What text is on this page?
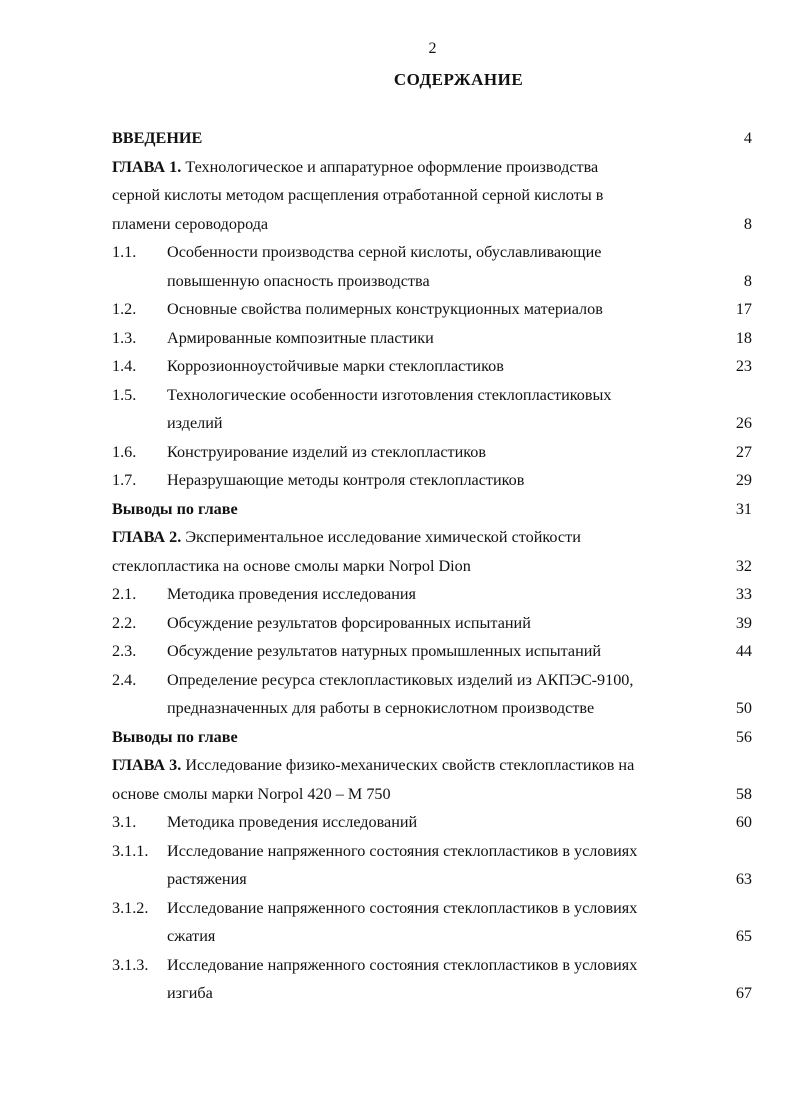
2
СОДЕРЖАНИЕ
ВВЕДЕНИЕ	4
ГЛАВА 1. Технологическое и аппаратурное оформление производства
серной кислоты методом расщепления отработанной серной кислоты в
пламени сероводорода	8
1.1. Особенности производства серной кислоты, обуславливающие
повышенную опасность производства	8
1.2. Основные свойства полимерных конструкционных материалов	17
1.3. Армированные композитные пластики	18
1.4. Коррозионноустойчивые марки стеклопластиков	23
1.5. Технологические особенности изготовления стеклопластиковых
изделий	26
1.6. Конструирование изделий из стеклопластиков	27
1.7. Неразрушающие методы контроля стеклопластиков	29
Выводы по главе	31
ГЛАВА 2. Экспериментальное исследование химической стойкости
стеклопластика на основе смолы марки Norpol Dion	32
2.1. Методика проведения исследования	33
2.2. Обсуждение результатов форсированных испытаний	39
2.3. Обсуждение результатов натурных промышленных испытаний	44
2.4. Определение ресурса стеклопластиковых изделий из АКПЭС-9100,
предназначенных для работы в сернокислотном производстве	50
Выводы по главе	56
ГЛАВА 3. Исследование физико-механических свойств стеклопластиков на
основе смолы марки Norpol 420 – М 750	58
3.1. Методика проведения исследований	60
3.1.1. Исследование напряженного состояния стеклопластиков в условиях
растяжения	63
3.1.2. Исследование напряженного состояния стеклопластиков в условиях
сжатия	65
3.1.3. Исследование напряженного состояния стеклопластиков в условиях
изгиба	67
